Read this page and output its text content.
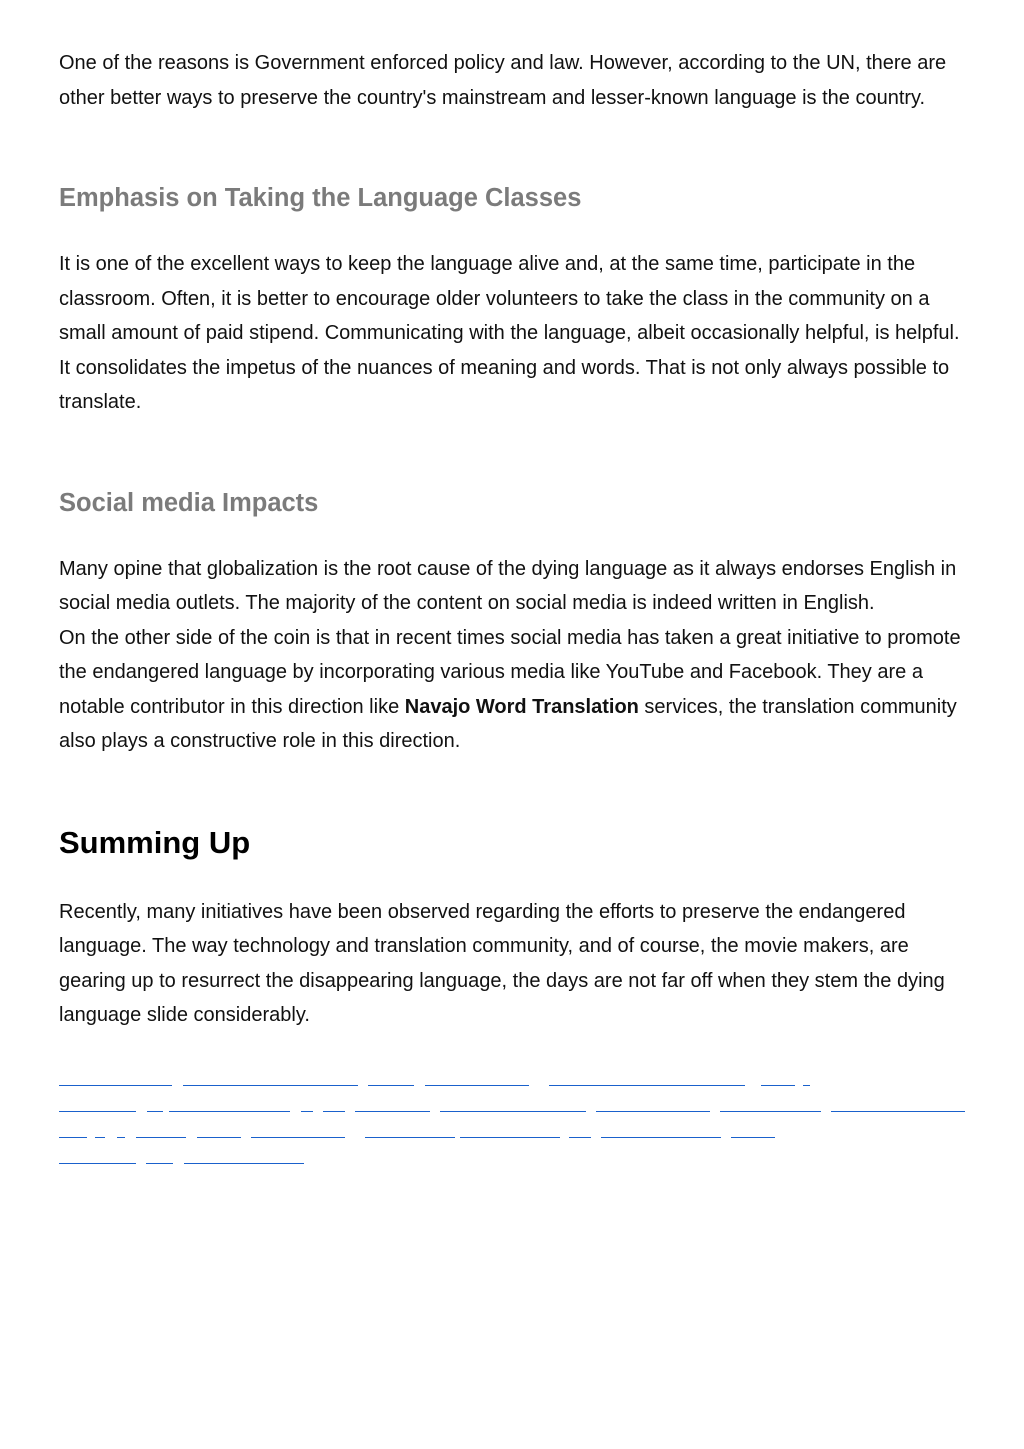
One of the reasons is Government enforced policy and law. However, according to the UN, there are other better ways to preserve the country's mainstream and lesser-known language is the country.

Emphasis on Taking the Language Classes

It is one of the excellent ways to keep the language alive and, at the same time, participate in the classroom. Often, it is better to encourage older volunteers to take the class in the community on a small amount of paid stipend. Communicating with the language, albeit occasionally helpful, is helpful. It consolidates the impetus of the nuances of meaning and words. That is not only always possible to translate.

Social media Impacts

Many opine that globalization is the root cause of the dying language as it always endorses English in social media outlets. The majority of the content on social media is indeed written in English.

On the other side of the coin is that in recent times social media has taken a great initiative to promote the endangered language by incorporating various media like YouTube and Facebook. They are a notable contributor in this direction like Navajo Word Translation services, the translation community also plays a constructive role in this direction.

Summing Up

Recently, many initiatives have been observed regarding the efforts to preserve the endangered language. The way technology and translation community, and of course, the movie makers, are gearing up to resurrect the disappearing language, the days are not far off when they stem the dying language slide considerably.
